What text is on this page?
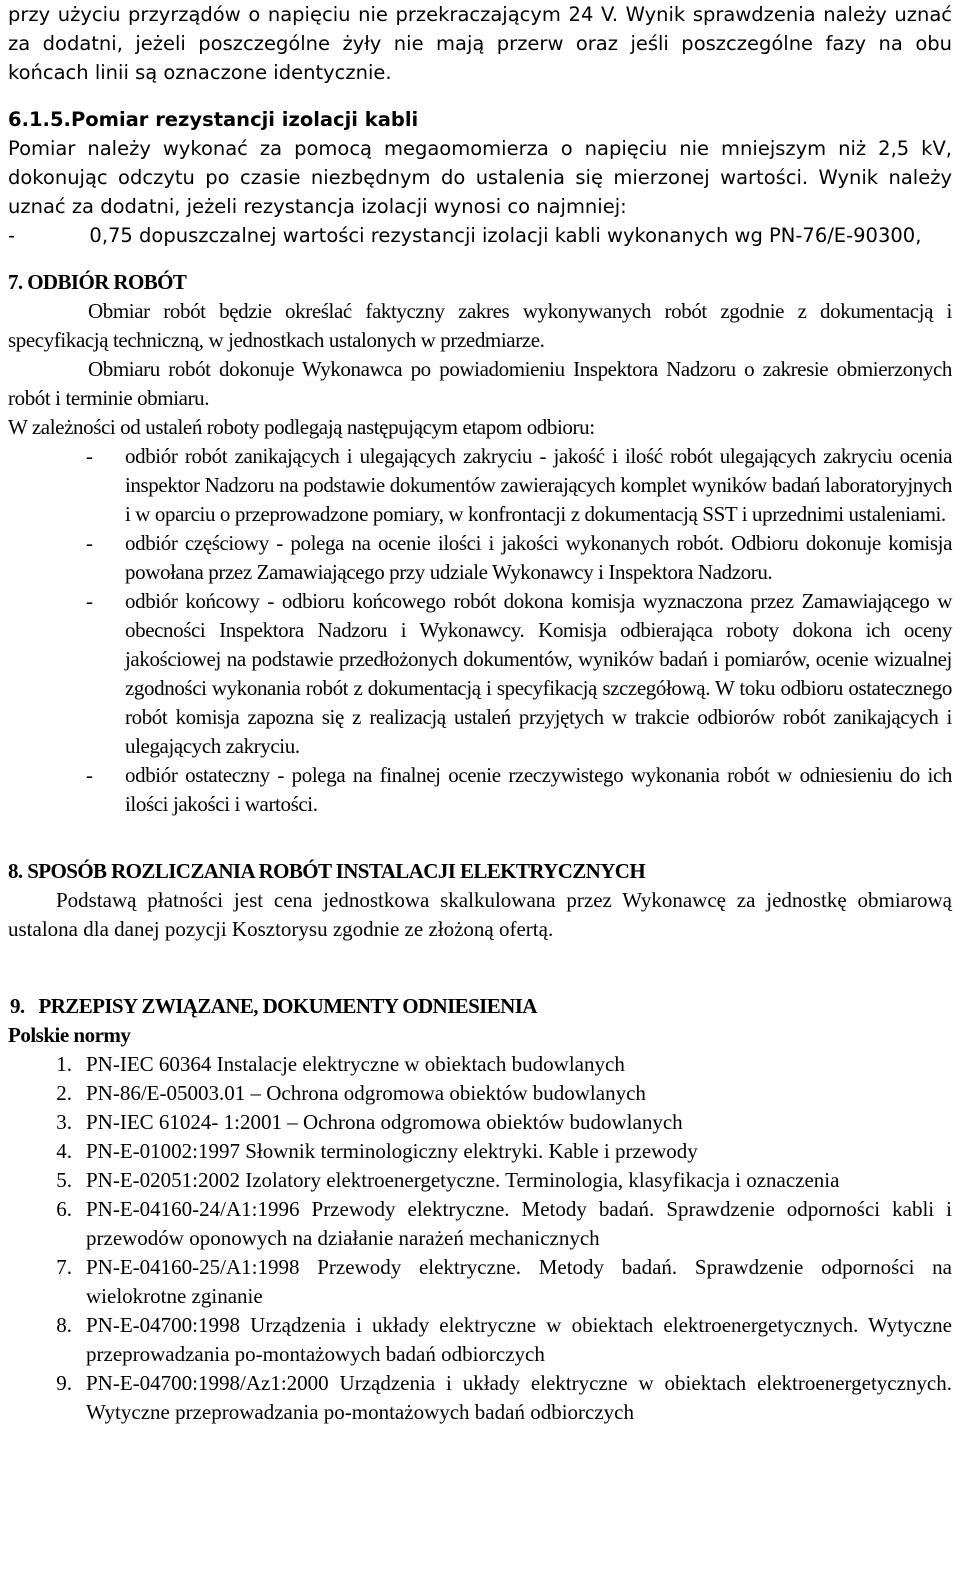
przy użyciu przyrządów o napięciu nie przekraczającym 24 V. Wynik sprawdzenia należy uznać za dodatni, jeżeli poszczególne żyły nie mają przerw oraz jeśli poszczególne fazy na obu końcach linii są oznaczone identycznie.

6.1.5.Pomiar rezystancji izolacji kabli

Pomiar należy wykonać za pomocą megaomomierza o napięciu nie mniejszym niż 2,5 kV, dokonując odczytu po czasie niezbędnym do ustalenia się mierzonej wartości. Wynik należy uznać za dodatni, jeżeli rezystancja izolacji wynosi co najmniej:

-            0,75 dopuszczalnej wartości rezystancji izolacji kabli wykonanych wg PN-76/E-90300,

7. ODBIÓR ROBÓT

Obmiar robót będzie określać faktyczny zakres wykonywanych robót zgodnie z dokumentacją i specyfikacją techniczną, w jednostkach ustalonych w przedmiarze.

Obmiaru robót dokonuje Wykonawca po powiadomieniu Inspektora Nadzoru o zakresie obmierzonych robót i terminie obmiaru.

W zależności od ustaleń roboty podlegają następującym etapom odbioru:

-	odbiór robót zanikających i ulegających zakryciu - jakość i ilość robót ulegających zakryciu ocenia inspektor Nadzoru na podstawie dokumentów zawierających komplet wyników badań laboratoryjnych i w oparciu o przeprowadzone pomiary, w konfrontacji z dokumentacją SST i uprzednimi ustaleniami.
-	odbiór częściowy - polega na ocenie ilości i jakości wykonanych robót. Odbioru dokonuje komisja powołana przez Zamawiającego przy udziale Wykonawcy i Inspektora Nadzoru.
-	odbiór końcowy - odbioru końcowego robót dokona komisja wyznaczona przez Zamawiającego w obecności Inspektora Nadzoru i Wykonawcy. Komisja odbierająca roboty dokona ich oceny jakościowej na podstawie przedłożonych dokumentów, wyników badań i pomiarów, ocenie wizualnej zgodności wykonania robót z dokumentacją i specyfikacją szczegółową. W toku odbioru ostatecznego robót komisja zapozna się z realizacją ustaleń przyjętych w trakcie odbiorów robót zanikających i ulegających zakryciu.
-	odbiór ostateczny - polega na finalnej ocenie rzeczywistego wykonania robót w odniesieniu do ich ilości jakości i wartości.
8. SPOSÓB ROZLICZANIA ROBÓT INSTALACJI ELEKTRYCZNYCH

Podstawą płatności jest cena jednostkowa skalkulowana przez Wykonawcę za jednostkę obmiarową ustalona dla danej pozycji Kosztorysu zgodnie ze złożoną ofertą.

9.   PRZEPISY ZWIĄZANE, DOKUMENTY ODNIESIENIA

Polskie normy

1. PN-IEC 60364 Instalacje elektryczne w obiektach budowlanych
2. PN-86/E-05003.01 – Ochrona odgromowa obiektów budowlanych
3. PN-IEC 61024- 1:2001 – Ochrona odgromowa obiektów budowlanych
4. PN-E-01002:1997 Słownik terminologiczny elektryki. Kable i przewody
5. PN-E-02051:2002 Izolatory elektroenergetyczne. Terminologia, klasyfikacja i oznaczenia
6. PN-E-04160-24/A1:1996 Przewody elektryczne. Metody badań. Sprawdzenie odporności kabli i przewodów oponowych na działanie narażeń mechanicznych
7. PN-E-04160-25/A1:1998 Przewody elektryczne. Metody badań. Sprawdzenie odporności na wielokrotne zginanie
8. PN-E-04700:1998 Urządzenia i układy elektryczne w obiektach elektroenergetycznych. Wytyczne przeprowadzania po-montażowych badań odbiorczych
9. PN-E-04700:1998/Az1:2000 Urządzenia i układy elektryczne w obiektach elektroenergetycznych. Wytyczne przeprowadzania po-montażowych badań odbiorczych
